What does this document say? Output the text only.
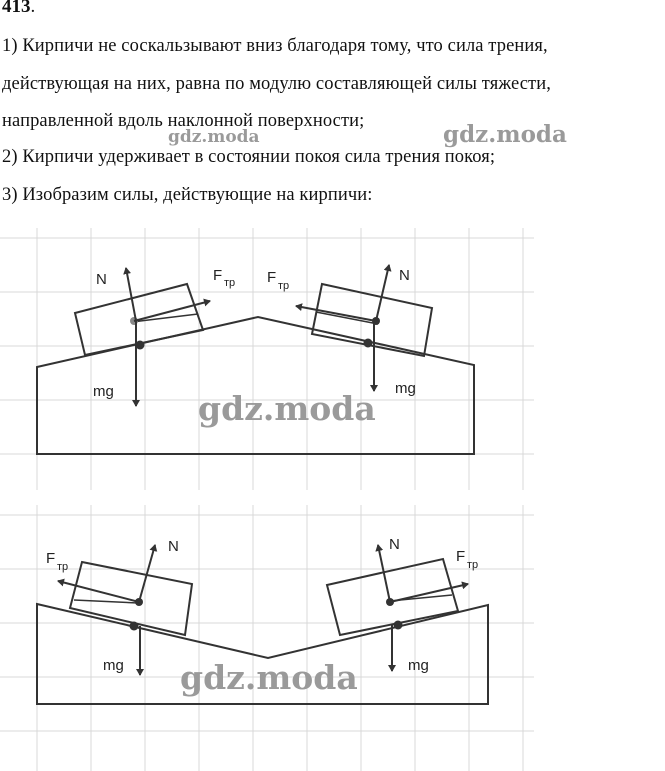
413.
1) Кирпичи не соскальзывают вниз благодаря тому, что сила трения,
действующая на них, равна по модулю составляющей силы тяжести,
направленной вдоль наклонной поверхности;
2) Кирпичи удерживает в состоянии покоя сила трения покоя;
3) Изобразим силы, действующие на кирпичи:
gdz.moda	gdz.moda
N	F тр
mg
N
F тр
mg
gdz.moda
N
F тр
mg
N
F тр
mg
gdz.moda
